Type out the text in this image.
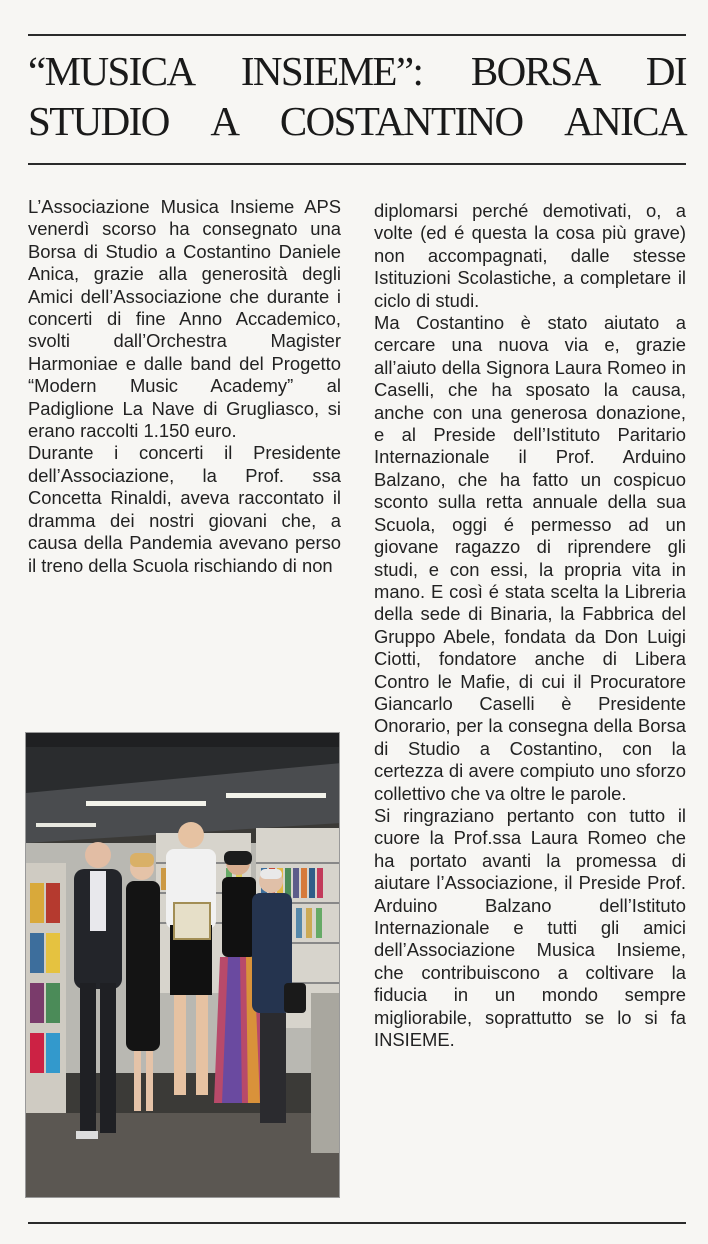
“MUSICA INSIEME”: BORSA DI STUDIO A COSTANTINO ANICA

L’Associazione Musica Insieme APS venerdì scorso ha consegnato una Borsa di Studio a Costantino Daniele Anica, grazie alla generosità degli Amici dell’Associazione che durante i concerti di fine Anno Accademico, svolti dall’Orchestra Magister Harmoniae e dalle band del Progetto “Modern Music Academy” al Padiglione La Nave di Grugliasco, si erano raccolti 1.150 euro.

Durante i concerti il Presidente dell’Associazione, la Prof. ssa Concetta Rinaldi, aveva raccontato il dramma dei nostri giovani che, a causa della Pandemia avevano perso il treno della Scuola rischiando di non

diplomarsi perché demotivati, o, a volte (ed é questa la cosa più grave) non accompagnati, dalle stesse Istituzioni Scolastiche, a completare il ciclo di studi.

Ma Costantino è stato aiutato a cercare una nuova via e, grazie all’aiuto della Signora Laura Romeo in Caselli, che ha sposato la causa, anche con una generosa donazione, e al Preside dell’Istituto Paritario Internazionale il Prof. Arduino Balzano, che ha fatto un cospicuo sconto sulla retta annuale della sua Scuola, oggi é permesso ad un giovane ragazzo di riprendere gli studi, e con essi, la propria vita in mano. E così é stata scelta la Libreria della sede di Binaria, la Fabbrica del Gruppo Abele, fondata da Don Luigi Ciotti, fondatore anche di Libera Contro le Mafie, di cui il Procuratore Giancarlo Caselli è Presidente Onorario, per la consegna della Borsa di Studio a Costantino, con la certezza di avere compiuto uno sforzo collettivo che va oltre le parole.

Si ringraziano pertanto con tutto il cuore la Prof.ssa Laura Romeo che ha portato avanti la promessa di aiutare l’Associazione, il Preside Prof. Arduino Balzano dell’Istituto Internazionale e tutti gli amici dell’Associazione Musica Insieme, che contribuiscono a coltivare la fiducia in un mondo sempre migliorabile, soprattutto se lo si fa INSIEME.
